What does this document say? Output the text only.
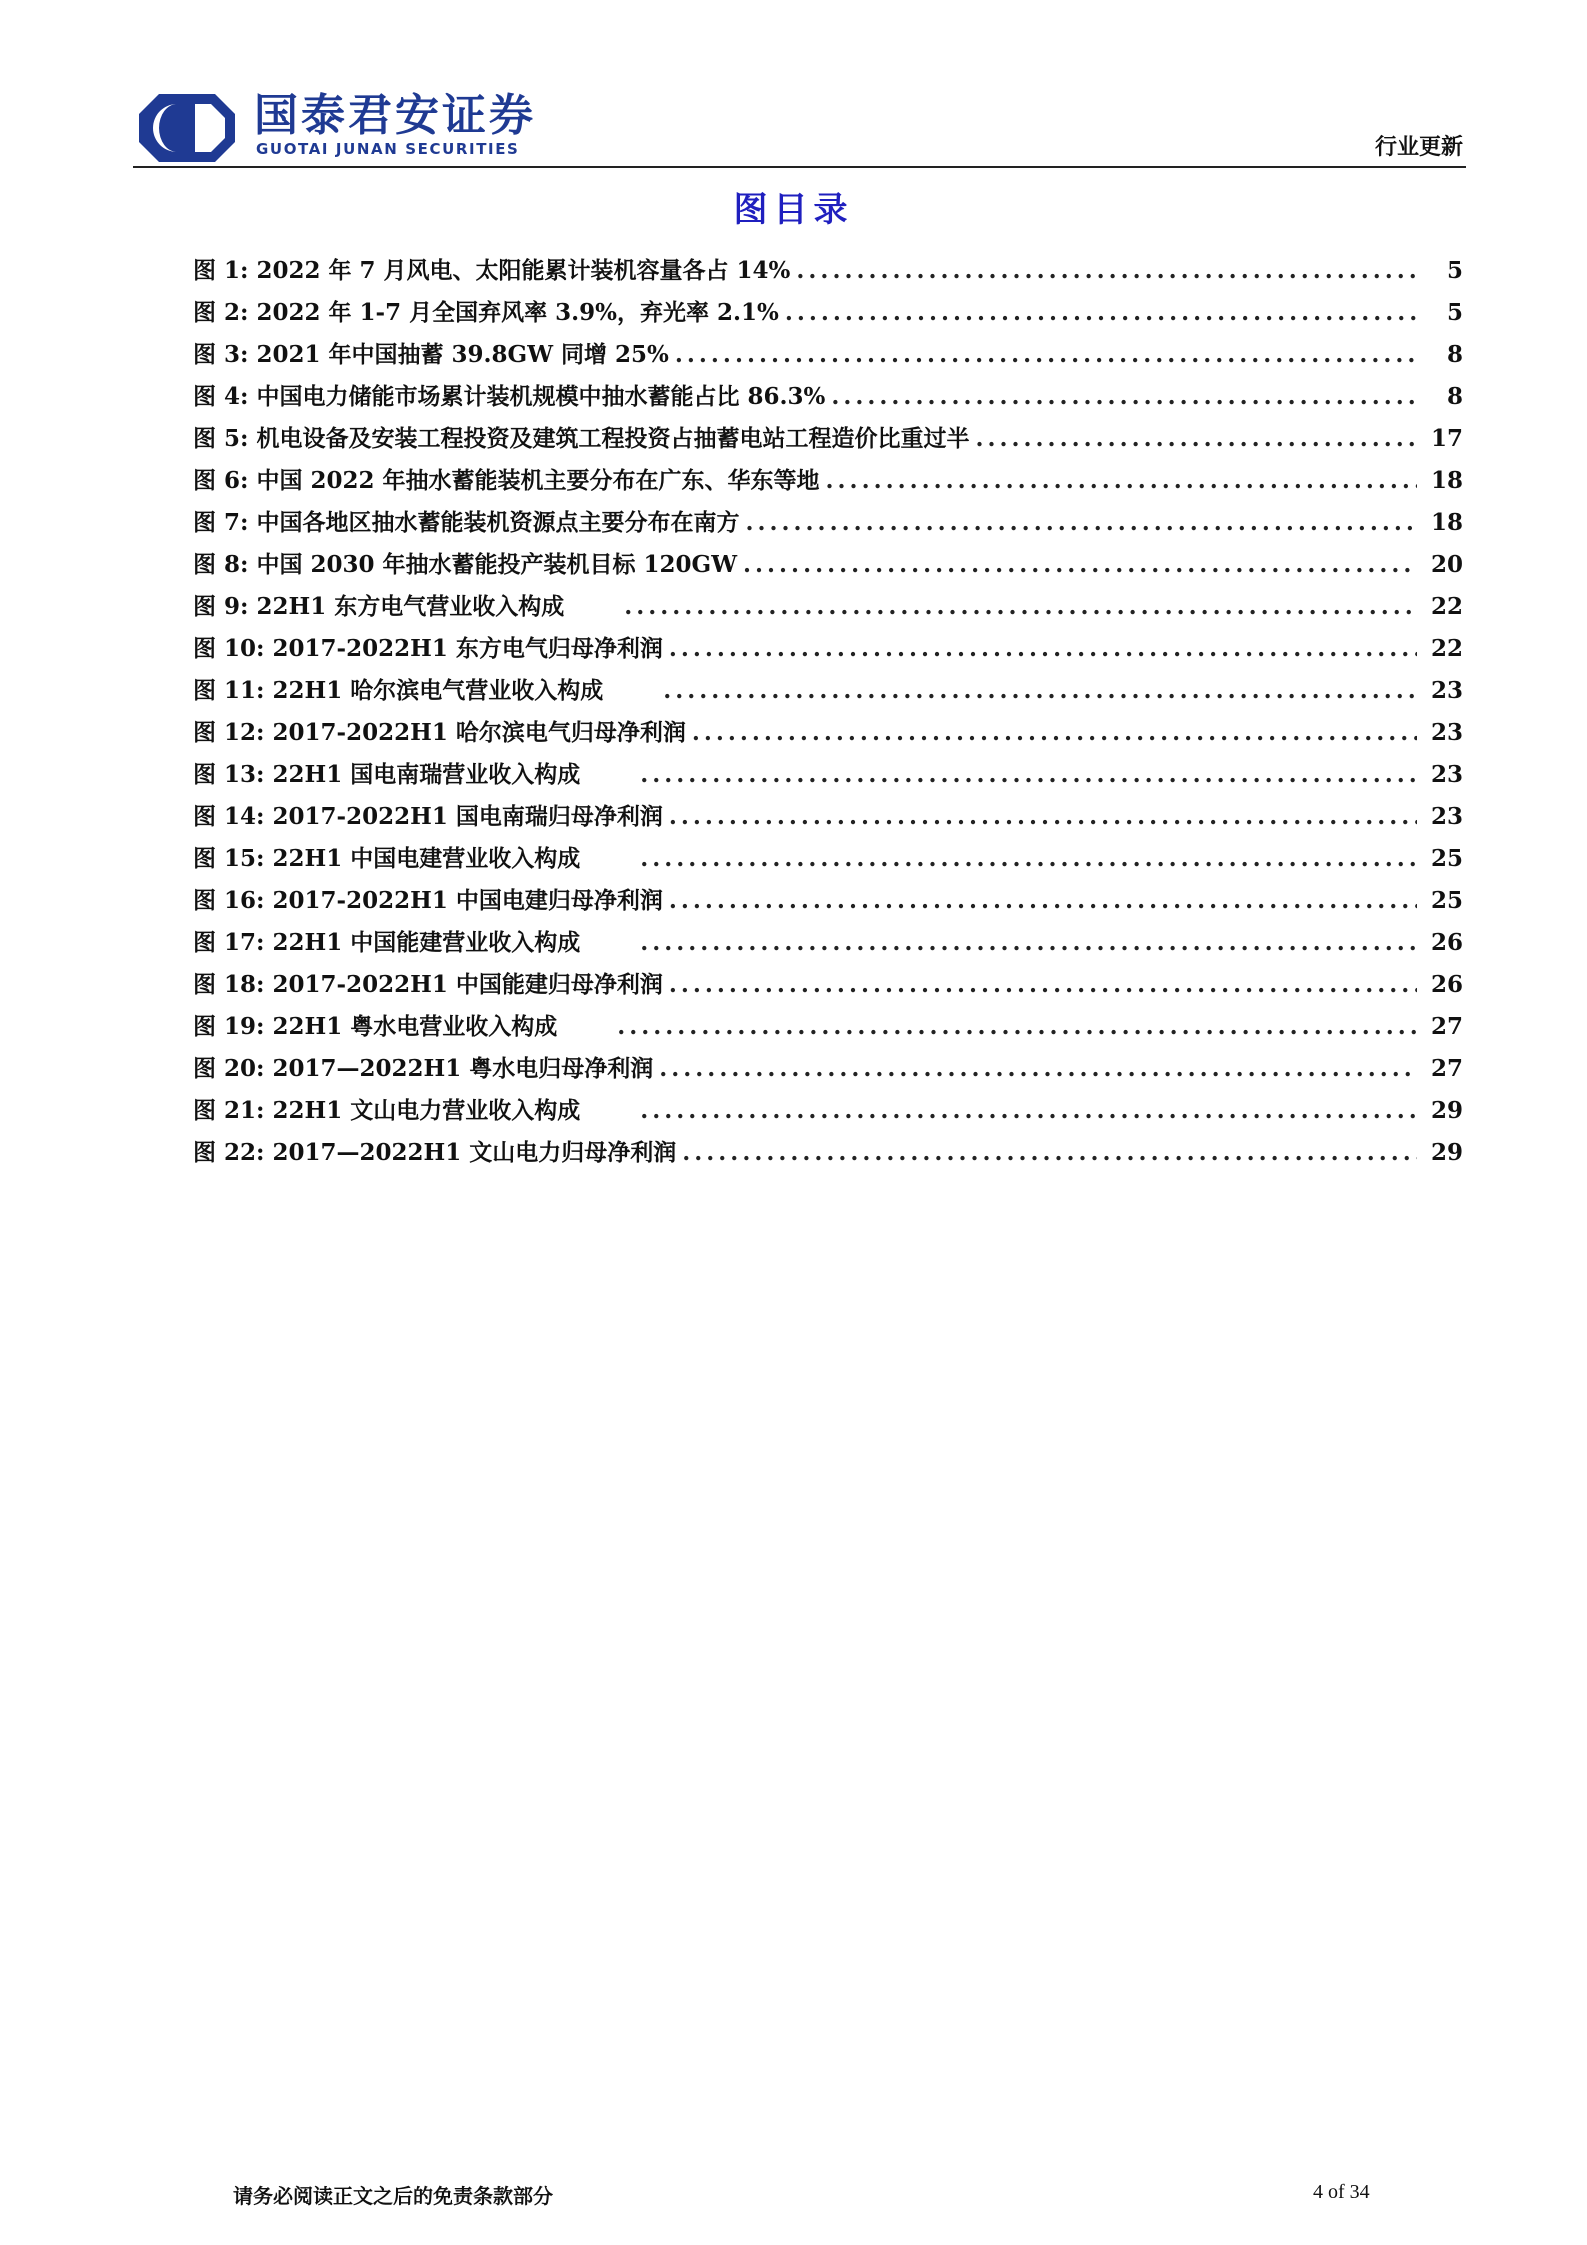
国泰君安证券
GUOTAI JUNAN SECURITIES	行业更新
图目录
图 1: 2022 年 7 月风电、太阳能累计装机容量各占 14% .....	5
图 2: 2022 年 1-7 月全国弃风率 3.9%，弃光率 2.1% .....	5
图 3: 2021 年中国抽蓄 39.8GW 同增 25% .....	8
图 4: 中国电力储能市场累计装机规模中抽水蓄能占比 86.3% .....	8
图 5: 机电设备及安装工程投资及建筑工程投资占抽蓄电站工程造价比重过半 .....	17
图 6: 中国 2022 年抽水蓄能装机主要分布在广东、华东等地 .....	18
图 7: 中国各地区抽水蓄能装机资源点主要分布在南方 .....	18
图 8: 中国 2030 年抽水蓄能投产装机目标 120GW .....	20
图 9: 22H1 东方电气营业收入构成 .....	22
图 10: 2017-2022H1 东方电气归母净利润 .....	22
图 11: 22H1 哈尔滨电气营业收入构成 .....	23
图 12: 2017-2022H1 哈尔滨电气归母净利润 .....	23
图 13: 22H1 国电南瑞营业收入构成 .....	23
图 14: 2017-2022H1 国电南瑞归母净利润 .....	23
图 15: 22H1 中国电建营业收入构成 .....	25
图 16: 2017-2022H1 中国电建归母净利润 .....	25
图 17: 22H1 中国能建营业收入构成 .....	26
图 18: 2017-2022H1 中国能建归母净利润 .....	26
图 19: 22H1 粤水电营业收入构成 .....	27
图 20: 2017—2022H1 粤水电归母净利润 .....	27
图 21: 22H1 文山电力营业收入构成 .....	29
图 22: 2017—2022H1 文山电力归母净利润 .....	29
请务必阅读正文之后的免责条款部分	4 of 34
